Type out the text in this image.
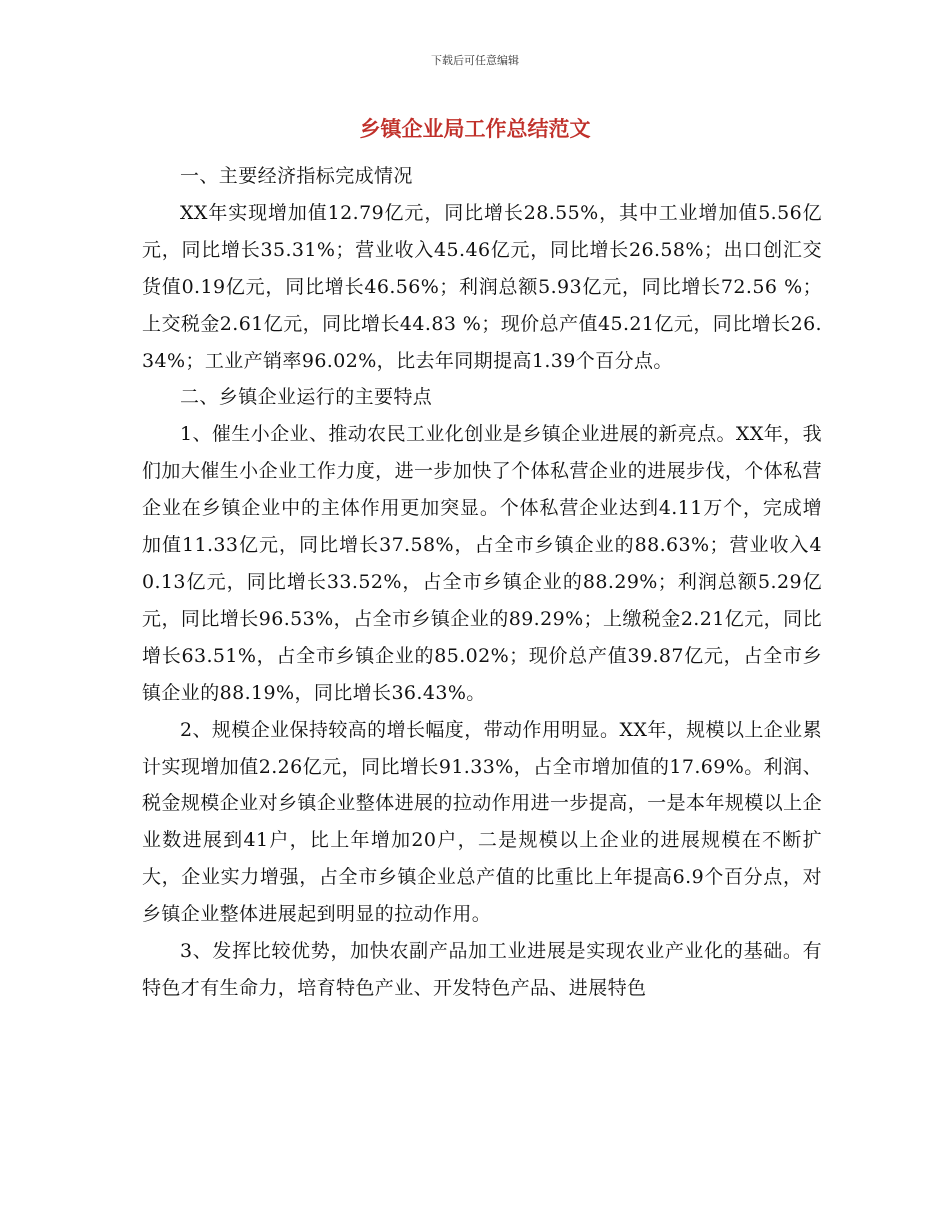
下载后可任意编辑
乡镇企业局工作总结范文

一、主要经济指标完成情况

XX年实现增加值12.79亿元，同比增长28.55%，其中工业增加值5.56亿元，同比增长35.31%；营业收入45.46亿元，同比增长26.58%；出口创汇交货值0.19亿元，同比增长46.56%；利润总额5.93亿元，同比增长72.56 %；上交税金2.61亿元，同比增长44.83 %；现价总产值45.21亿元，同比增长26.34%；工业产销率96.02%，比去年同期提高1.39个百分点。

二、乡镇企业运行的主要特点

1、催生小企业、推动农民工业化创业是乡镇企业进展的新亮点。XX年，我们加大催生小企业工作力度，进一步加快了个体私营企业的进展步伐，个体私营企业在乡镇企业中的主体作用更加突显。个体私营企业达到4.11万个，完成增加值11.33亿元，同比增长37.58%，占全市乡镇企业的88.63%；营业收入40.13亿元，同比增长33.52%，占全市乡镇企业的88.29%；利润总额5.29亿元，同比增长96.53%，占全市乡镇企业的89.29%；上缴税金2.21亿元，同比增长63.51%，占全市乡镇企业的85.02%；现价总产值39.87亿元，占全市乡镇企业的88.19%，同比增长36.43%。

2、规模企业保持较高的增长幅度，带动作用明显。XX年，规模以上企业累计实现增加值2.26亿元，同比增长91.33%，占全市增加值的17.69%。利润、税金规模企业对乡镇企业整体进展的拉动作用进一步提高，一是本年规模以上企业数进展到41户，比上年增加20户，二是规模以上企业的进展规模在不断扩大，企业实力增强，占全市乡镇企业总产值的比重比上年提高6.9个百分点，对乡镇企业整体进展起到明显的拉动作用。

3、发挥比较优势，加快农副产品加工业进展是实现农业产业化的基础。有特色才有生命力，培育特色产业、开发特色产品、进展特色
